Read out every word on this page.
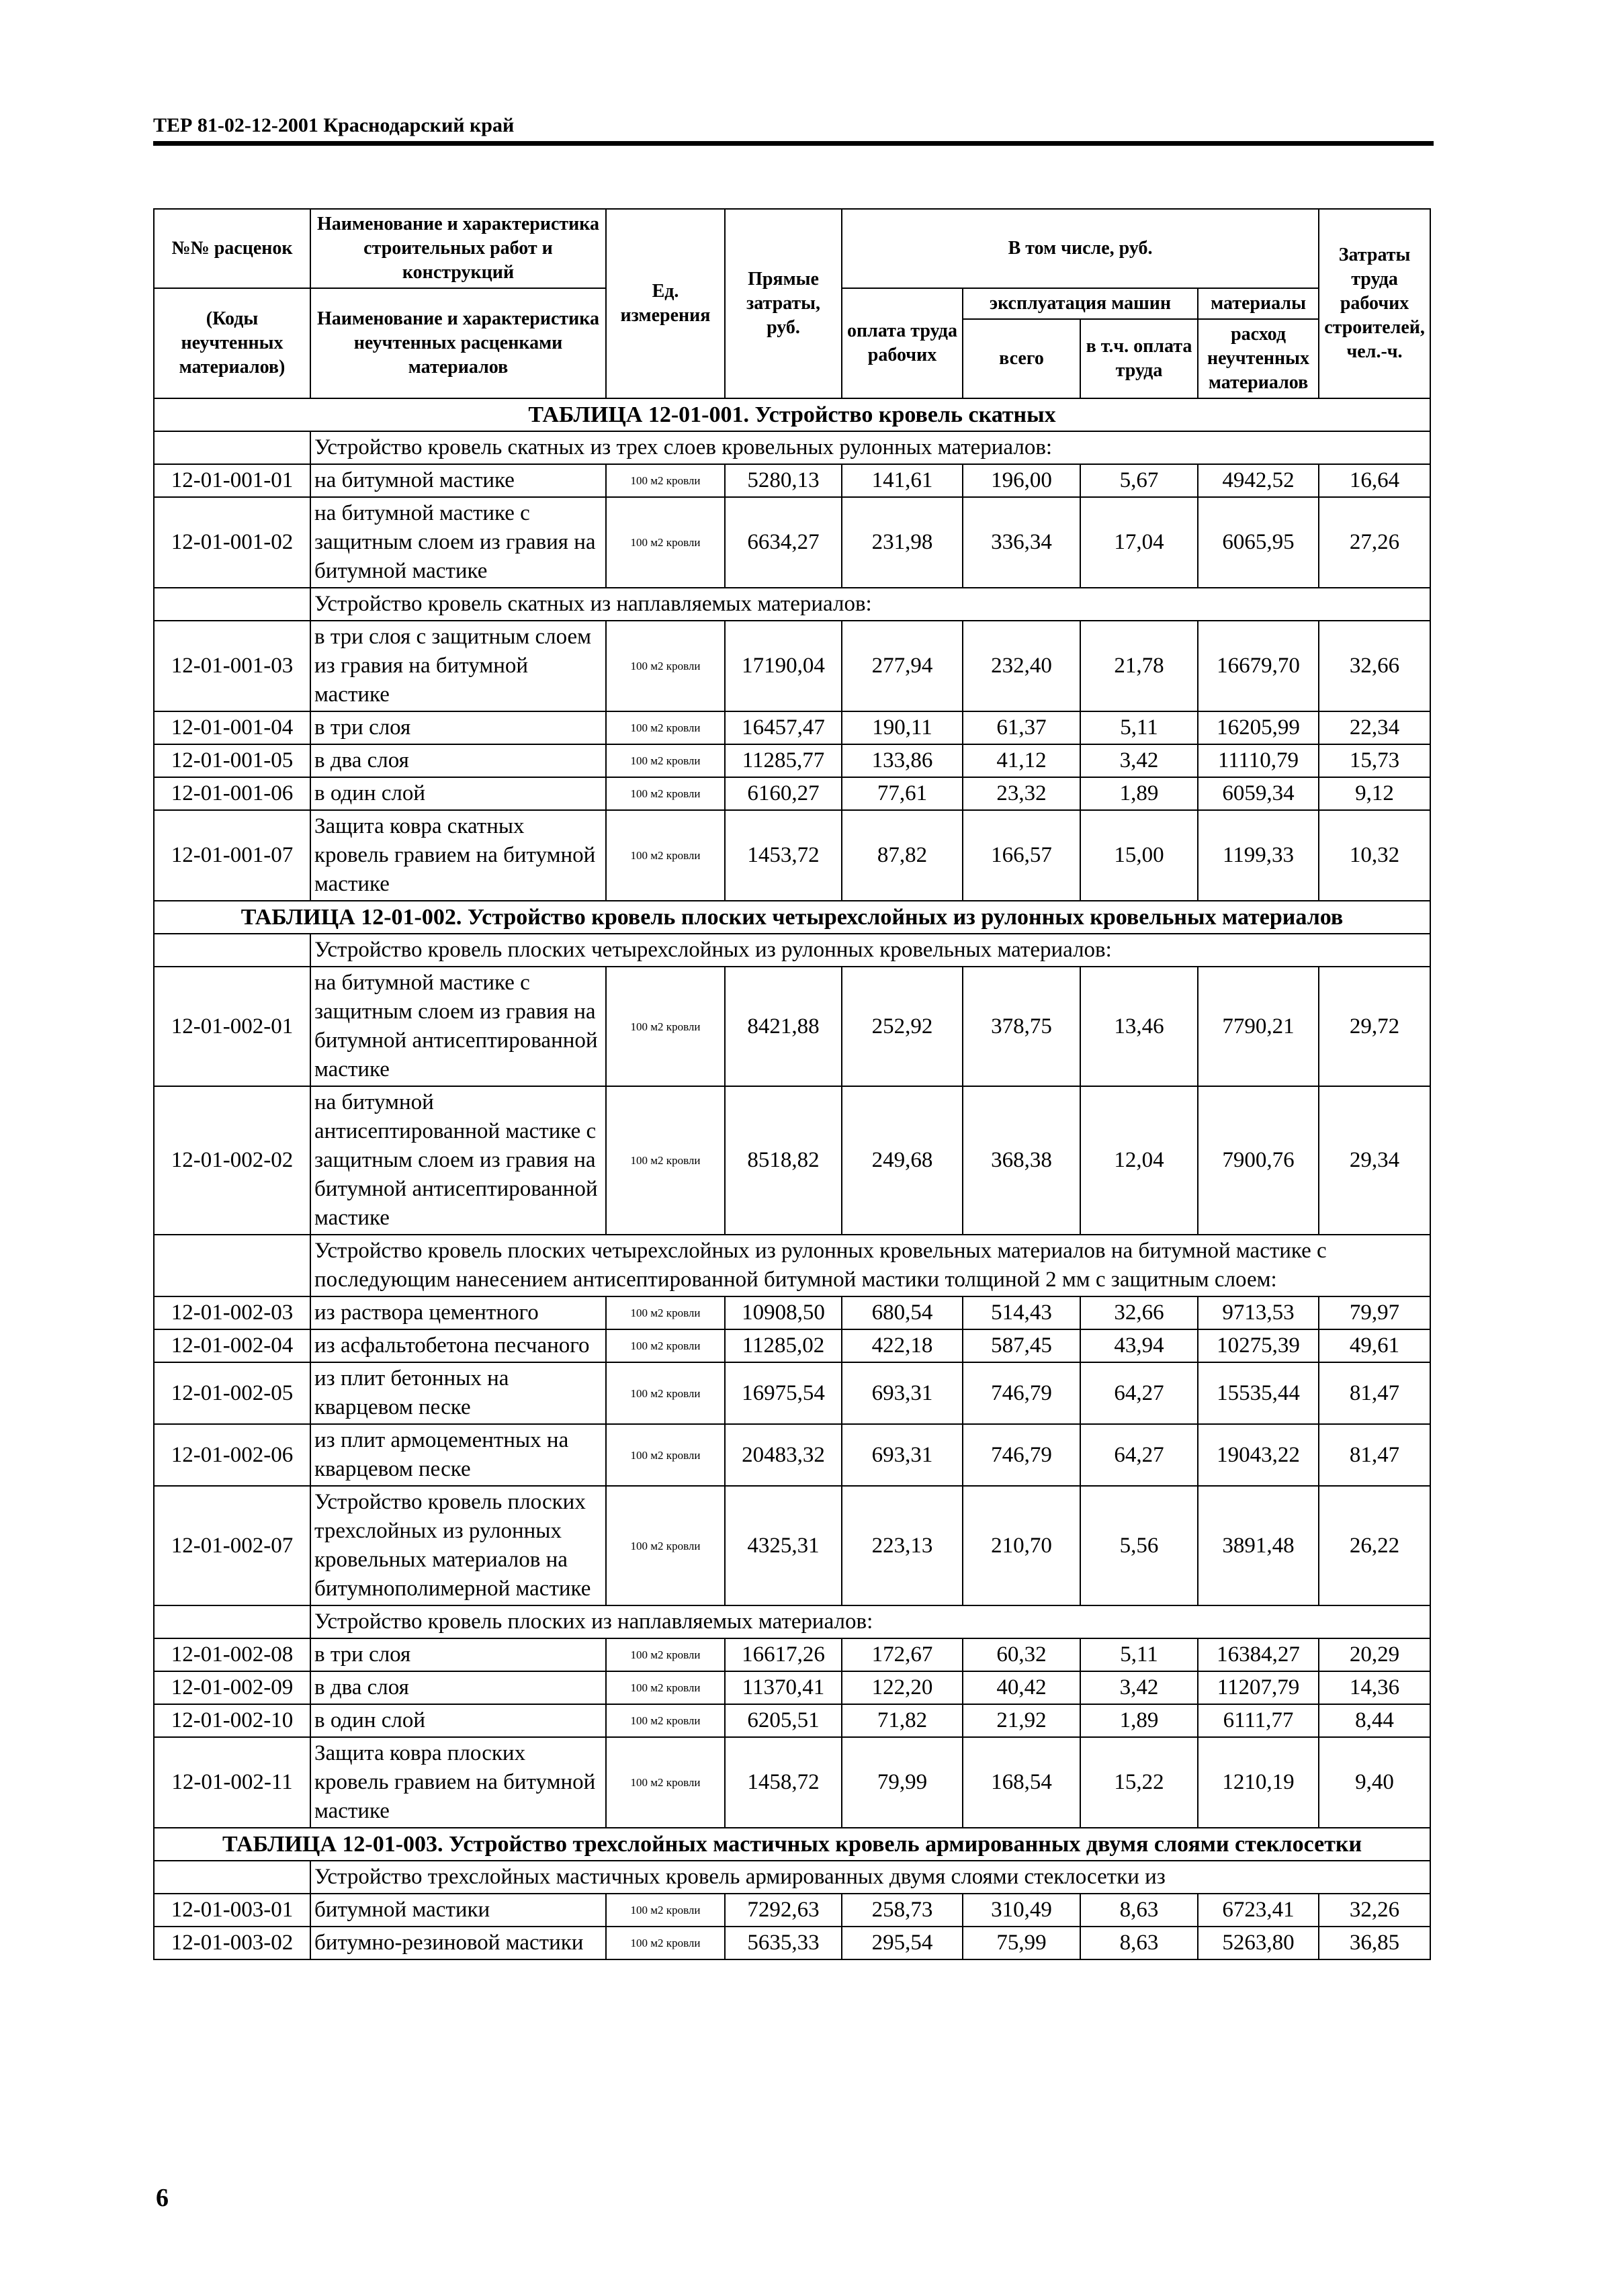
ТЕР 81-02-12-2001 Краснодарский край
№№ расценок	Наименование и характеристика строительных работ и конструкций	Ед. измерения	Прямые затраты, руб.	В том числе, руб.				Затраты труда рабочих строителей, чел.-ч.
(Коды неучтенных материалов)	Наименование и характеристика неучтенных расценками материалов			оплата труда рабочих	эксплуатация машин		материалы	
					всего	в т.ч. оплата труда	расход неучтенных материалов	
ТАБЛИЦА 12-01-001. Устройство кровель скатных								
	Устройство кровель скатных из трех слоев кровельных рулонных материалов:							
12-01-001-01	на битумной мастике	100 м2 кровли	5280,13	141,61	196,00	5,67	4942,52	16,64
12-01-001-02	на битумной мастике с защитным слоем из гравия на битумной мастике	100 м2 кровли	6634,27	231,98	336,34	17,04	6065,95	27,26
	Устройство кровель скатных из наплавляемых материалов:							
12-01-001-03	в три слоя с защитным слоем из гравия на битумной мастике	100 м2 кровли	17190,04	277,94	232,40	21,78	16679,70	32,66
12-01-001-04	в три слоя	100 м2 кровли	16457,47	190,11	61,37	5,11	16205,99	22,34
12-01-001-05	в два слоя	100 м2 кровли	11285,77	133,86	41,12	3,42	11110,79	15,73
12-01-001-06	в один слой	100 м2 кровли	6160,27	77,61	23,32	1,89	6059,34	9,12
12-01-001-07	Защита ковра скатных кровель гравием на битумной мастике	100 м2 кровли	1453,72	87,82	166,57	15,00	1199,33	10,32
ТАБЛИЦА 12-01-002. Устройство кровель плоских четырехслойных из рулонных кровельных материалов								
	Устройство кровель плоских четырехслойных из рулонных кровельных материалов:							
12-01-002-01	на битумной мастике с защитным слоем из гравия на битумной антисептированной мастике	100 м2 кровли	8421,88	252,92	378,75	13,46	7790,21	29,72
12-01-002-02	на битумной антисептированной мастике с защитным слоем из гравия на битумной антисептированной мастике	100 м2 кровли	8518,82	249,68	368,38	12,04	7900,76	29,34
	Устройство кровель плоских четырехслойных из рулонных кровельных материалов на битумной мастике с последующим нанесением антисептированной битумной мастики толщиной 2 мм с защитным слоем:							
12-01-002-03	из раствора цементного	100 м2 кровли	10908,50	680,54	514,43	32,66	9713,53	79,97
12-01-002-04	из асфальтобетона песчаного	100 м2 кровли	11285,02	422,18	587,45	43,94	10275,39	49,61
12-01-002-05	из плит бетонных на кварцевом песке	100 м2 кровли	16975,54	693,31	746,79	64,27	15535,44	81,47
12-01-002-06	из плит армоцементных на кварцевом песке	100 м2 кровли	20483,32	693,31	746,79	64,27	19043,22	81,47
12-01-002-07	Устройство кровель плоских трехслойных из рулонных кровельных материалов на битумнополимерной мастике	100 м2 кровли	4325,31	223,13	210,70	5,56	3891,48	26,22
	Устройство кровель плоских из наплавляемых материалов:							
12-01-002-08	в три слоя	100 м2 кровли	16617,26	172,67	60,32	5,11	16384,27	20,29
12-01-002-09	в два слоя	100 м2 кровли	11370,41	122,20	40,42	3,42	11207,79	14,36
12-01-002-10	в один слой	100 м2 кровли	6205,51	71,82	21,92	1,89	6111,77	8,44
12-01-002-11	Защита ковра плоских кровель гравием на битумной мастике	100 м2 кровли	1458,72	79,99	168,54	15,22	1210,19	9,40
ТАБЛИЦА 12-01-003. Устройство трехслойных мастичных кровель армированных двумя слоями стеклосетки								
	Устройство трехслойных мастичных кровель армированных двумя слоями стеклосетки из							
12-01-003-01	битумной мастики	100 м2 кровли	7292,63	258,73	310,49	8,63	6723,41	32,26
12-01-003-02	битумно-резиновой мастики	100 м2 кровли	5635,33	295,54	75,99	8,63	5263,80	36,85
6
